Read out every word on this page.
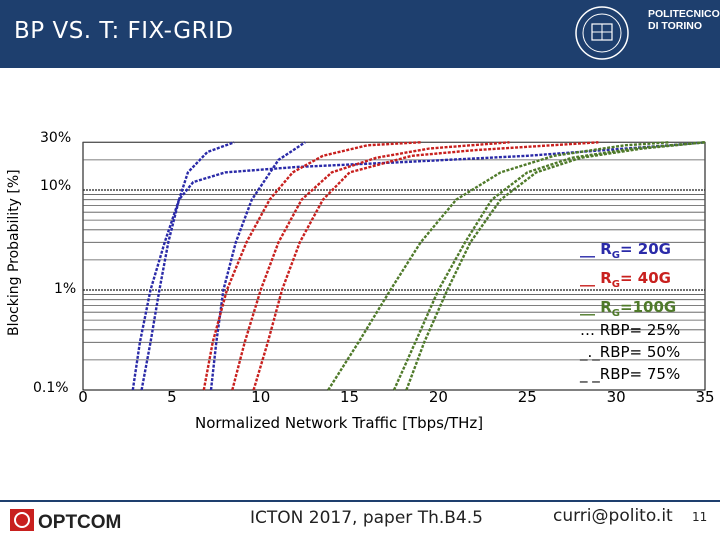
BP VS. T: FIX-GRID
POLITECNICO
DI TORINO
Blocking Probability [%]
30%
10%
1%
0.1% 0	5	10	15	20	25	30	35
Normalized Network Traffic [Tbps/THz]
__ $R_G= 20G$
__ $R_G= 40G$
__ $R_G=100G$
… RBP= 25%
_._RBP= 50%
_ _RBP= 75%
OPTCOM	ICTON 2017, paper Th.B4.5	curri@polito.it 11
